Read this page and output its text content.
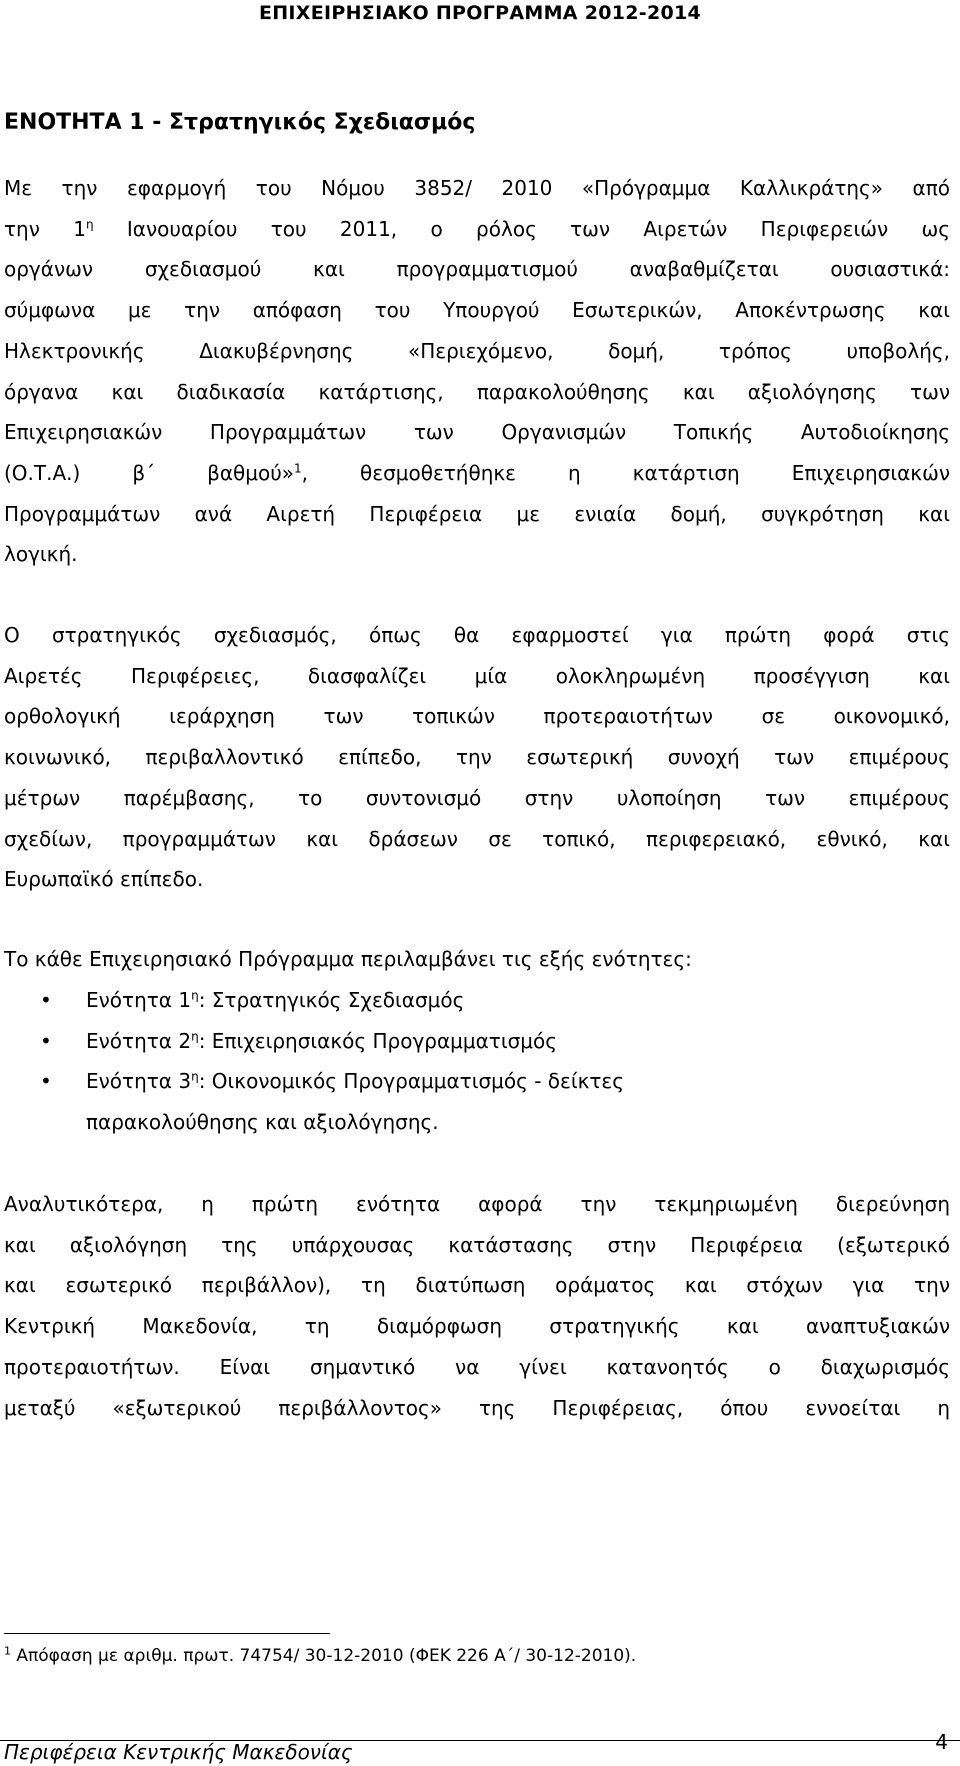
ΕΠΙΧΕΙΡΗΣΙΑΚΟ ΠΡΟΓΡΑΜΜΑ 2012-2014
ΕΝΟΤΗΤΑ 1 - Στρατηγικός Σχεδιασμός

Με την εφαρμογή του Νόμου 3852/ 2010 «Πρόγραμμα Καλλικράτης» από
την $1^\eta$ Ιανουαρίου του 2011, ο ρόλος των Αιρετών Περιφερειών ως
οργάνων σχεδιασμού και προγραμματισμού αναβαθμίζεται ουσιαστικά:
σύμφωνα με την απόφαση του Υπουργού Εσωτερικών, Αποκέντρωσης και
Ηλεκτρονικής Διακυβέρνησης «Περιεχόμενο, δομή, τρόπος υποβολής,
όργανα και διαδικασία κατάρτισης, παρακολούθησης και αξιολόγησης των
Επιχειρησιακών Προγραμμάτων των Οργανισμών Τοπικής Αυτοδιοίκησης
(Ο.Τ.Α.) β΄ βαθμού»$^1$, θεσμοθετήθηκε η κατάρτιση Επιχειρησιακών
Προγραμμάτων ανά Αιρετή Περιφέρεια με ενιαία δομή, συγκρότηση και
λογική.

Ο στρατηγικός σχεδιασμός, όπως θα εφαρμοστεί για πρώτη φορά στις
Αιρετές Περιφέρειες, διασφαλίζει μία ολοκληρωμένη προσέγγιση και
ορθολογική ιεράρχηση των τοπικών προτεραιοτήτων σε οικονομικό,
κοινωνικό, περιβαλλοντικό επίπεδο, την εσωτερική συνοχή των επιμέρους
μέτρων παρέμβασης, το συντονισμό στην υλοποίηση των επιμέρους
σχεδίων, προγραμμάτων και δράσεων σε τοπικό, περιφερειακό, εθνικό, και
Ευρωπαϊκό επίπεδο.

Το κάθε Επιχειρησιακό Πρόγραμμα περιλαμβάνει τις εξής ενότητες:

• Ενότητα $1^\eta$: Στρατηγικός Σχεδιασμός
• Ενότητα $2^\eta$: Επιχειρησιακός Προγραμματισμός
• Ενότητα $3^\eta$: Οικονομικός Προγραμματισμός - δείκτες
παρακολούθησης και αξιολόγησης.

Αναλυτικότερα, η πρώτη ενότητα αφορά την τεκμηριωμένη διερεύνηση
και αξιολόγηση της υπάρχουσας κατάστασης στην Περιφέρεια (εξωτερικό
και εσωτερικό περιβάλλον), τη διατύπωση οράματος και στόχων για την
Κεντρική Μακεδονία, τη διαμόρφωση στρατηγικής και αναπτυξιακών
προτεραιοτήτων. Είναι σημαντικό να γίνει κατανοητός ο διαχωρισμός
μεταξύ «εξωτερικού περιβάλλοντος» της Περιφέρειας, όπου εννοείται η

$^1$ Απόφαση με αριθμ. πρωτ. 74754/ 30-12-2010 (ΦΕΚ 226 Α΄/ 30-12-2010).

Περιφέρεια Κεντρικής Μακεδονίας	4
